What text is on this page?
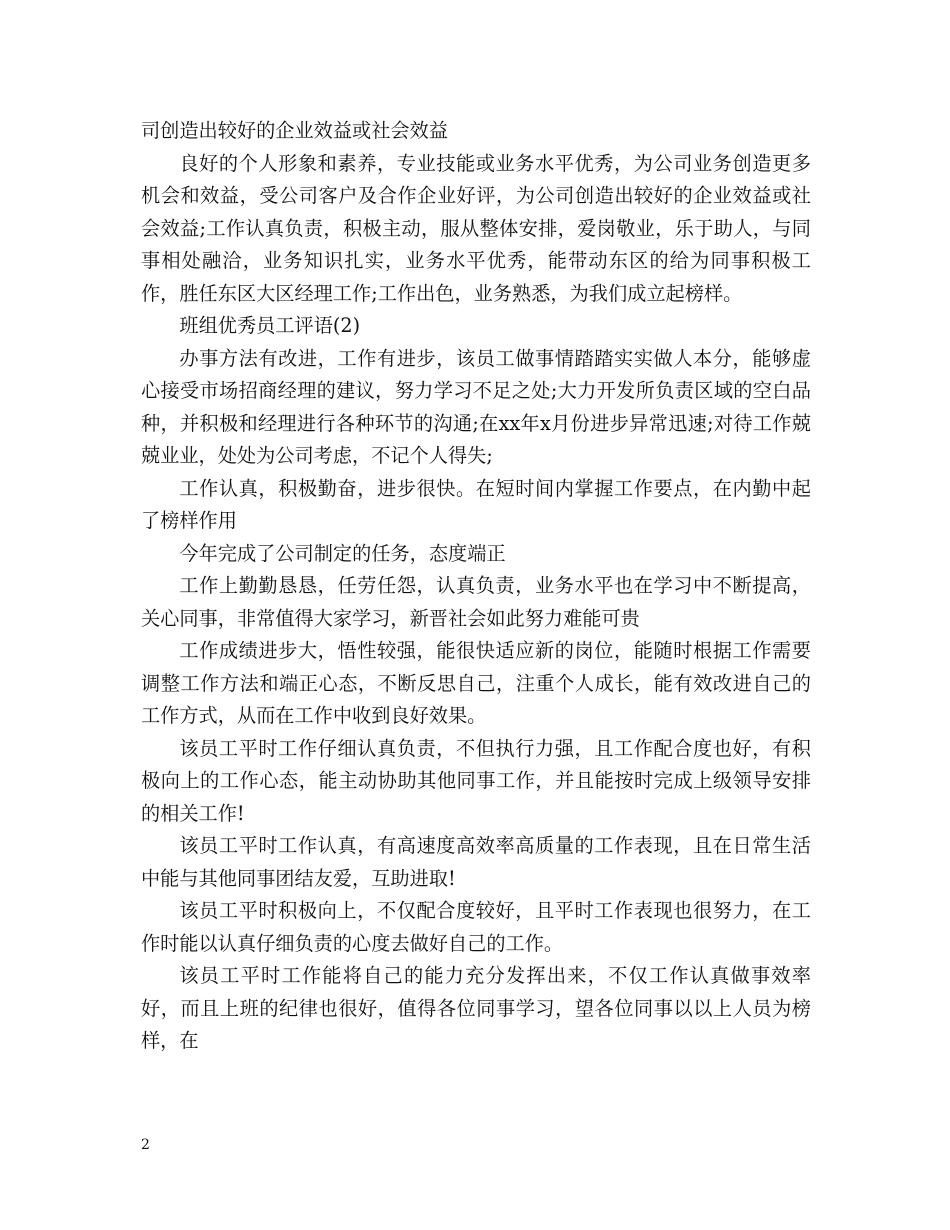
司创造出较好的企业效益或社会效益

良好的个人形象和素养，专业技能或业务水平优秀，为公司业务创造更多机会和效益，受公司客户及合作企业好评，为公司创造出较好的企业效益或社会效益;工作认真负责，积极主动，服从整体安排，爱岗敬业，乐于助人，与同事相处融洽，业务知识扎实，业务水平优秀，能带动东区的给为同事积极工作，胜任东区大区经理工作;工作出色，业务熟悉，为我们成立起榜样。

班组优秀员工评语(2)

办事方法有改进，工作有进步，该员工做事情踏踏实实做人本分，能够虚心接受市场招商经理的建议，努力学习不足之处;大力开发所负责区域的空白品种，并积极和经理进行各种环节的沟通;在xx年x月份进步异常迅速;对待工作兢兢业业，处处为公司考虑，不记个人得失;

工作认真，积极勤奋，进步很快。在短时间内掌握工作要点，在内勤中起了榜样作用

今年完成了公司制定的任务，态度端正

工作上勤勤恳恳，任劳任怨，认真负责，业务水平也在学习中不断提高，关心同事，非常值得大家学习，新晋社会如此努力难能可贵

工作成绩进步大，悟性较强，能很快适应新的岗位，能随时根据工作需要调整工作方法和端正心态，不断反思自己，注重个人成长，能有效改进自己的工作方式，从而在工作中收到良好效果。

该员工平时工作仔细认真负责，不但执行力强，且工作配合度也好，有积极向上的工作心态，能主动协助其他同事工作，并且能按时完成上级领导安排的相关工作!

该员工平时工作认真，有高速度高效率高质量的工作表现，且在日常生活中能与其他同事团结友爱，互助进取!

该员工平时积极向上，不仅配合度较好，且平时工作表现也很努力，在工作时能以认真仔细负责的心度去做好自己的工作。

该员工平时工作能将自己的能力充分发挥出来，不仅工作认真做事效率好，而且上班的纪律也很好，值得各位同事学习，望各位同事以以上人员为榜样，在

2
